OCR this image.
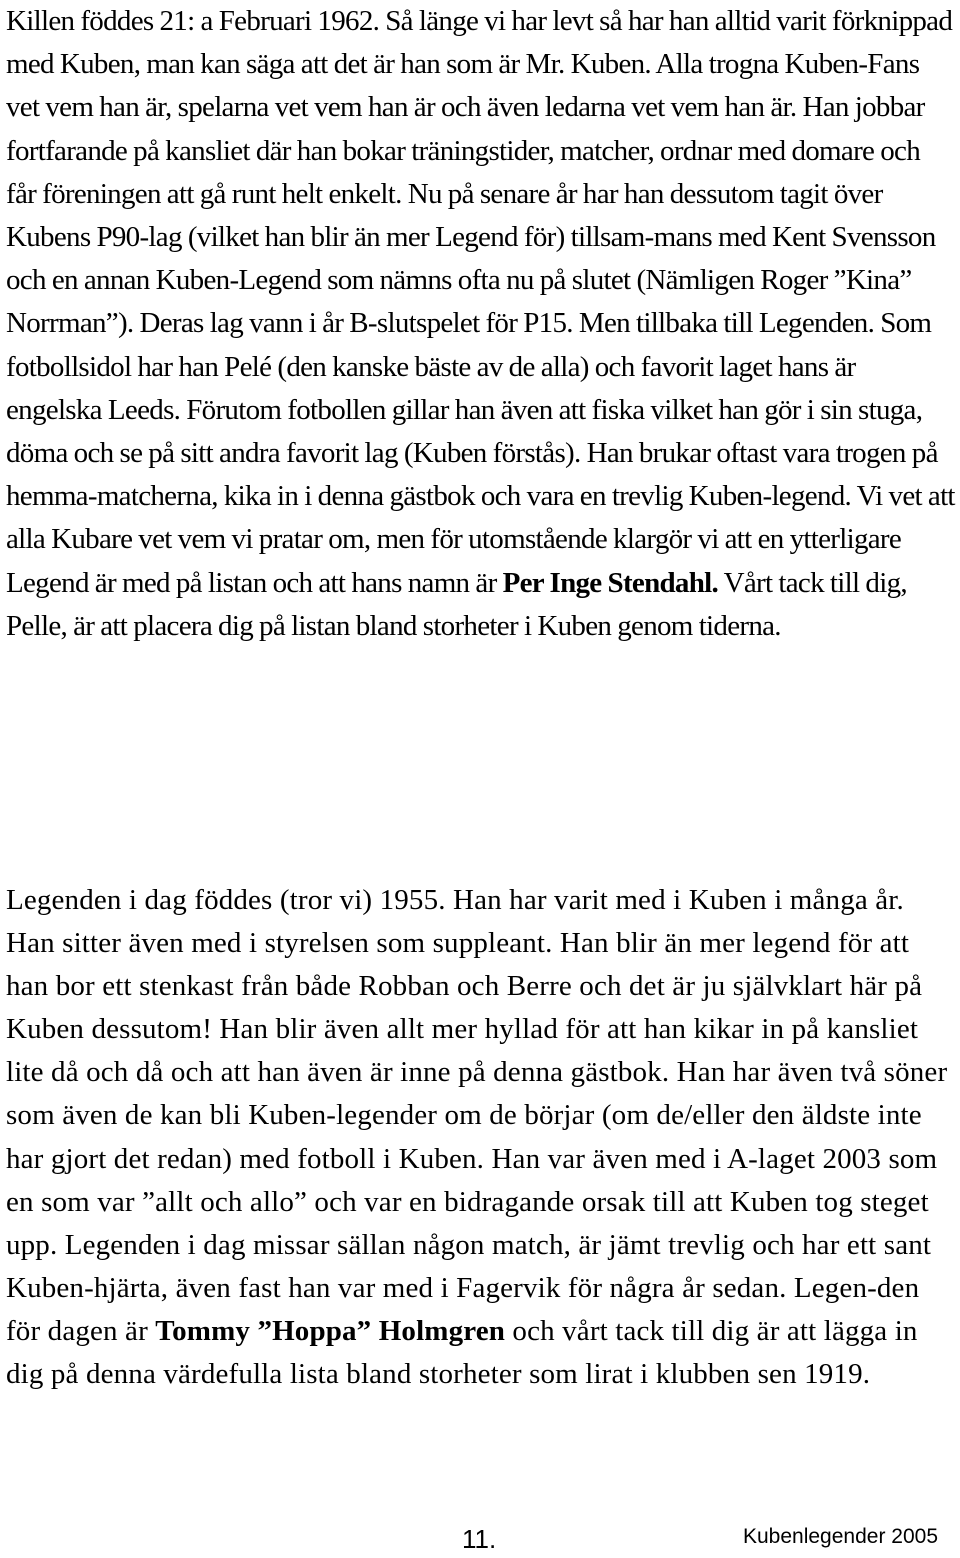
Killen föddes 21: a Februari 1962. Så länge vi har levt så har han alltid varit förknippad med Kuben, man kan säga att det är han som är Mr. Kuben. Alla trogna Kuben-Fans vet vem han är, spelarna vet vem han är och även ledarna vet vem han är. Han jobbar fortfarande på kansliet där han bokar träningstider, matcher, ordnar med domare och får föreningen att gå runt helt enkelt. Nu på senare år har han dessutom tagit över Kubens P90-lag (vilket han blir än mer Legend för) tillsam-mans med Kent Svensson och en annan Kuben-Legend som nämns ofta nu på slutet (Nämligen Roger ”Kina” Norrman”). Deras lag vann i år B-slutspelet för P15. Men tillbaka till Legenden. Som fotbollsidol har han Pelé (den kanske bäste av de alla) och favorit laget hans är engelska Leeds. Förutom fotbollen gillar han även att fiska vilket han gör i sin stuga, döma och se på sitt andra favorit lag (Kuben förstås). Han brukar oftast vara trogen på hemma-matcherna, kika in i denna gästbok och vara en trevlig Kuben-legend. Vi vet att alla Kubare vet vem vi pratar om, men för utomstående klargör vi att en ytterligare Legend är med på listan och att hans namn är Per Inge Stendahl. Vårt tack till dig, Pelle, är att placera dig på listan bland storheter i Kuben genom tiderna.

Legenden i dag föddes (tror vi) 1955. Han har varit med i Kuben i många år. Han sitter även med i styrelsen som suppleant. Han blir än mer legend för att han bor ett stenkast från både Robban och Berre och det är ju självklart här på Kuben dessutom! Han blir även allt mer hyllad för att han kikar in på kansliet lite då och då och att han även är inne på denna gästbok. Han har även två söner som även de kan bli Kuben-legender om de börjar (om de/eller den äldste inte har gjort det redan) med fotboll i Kuben. Han var även med i A-laget 2003 som en som var ”allt och allo” och var en bidragande orsak till att Kuben tog steget upp. Legenden i dag missar sällan någon match, är jämt trevlig och har ett sant Kuben-hjärta, även fast han var med i Fagervik för några år sedan. Legen-den för dagen är Tommy ”Hoppa” Holmgren och vårt tack till dig är att lägga in dig på denna värdefulla lista bland storheter som lirat i klubben sen 1919.

11.	Kubenlegender 2005
